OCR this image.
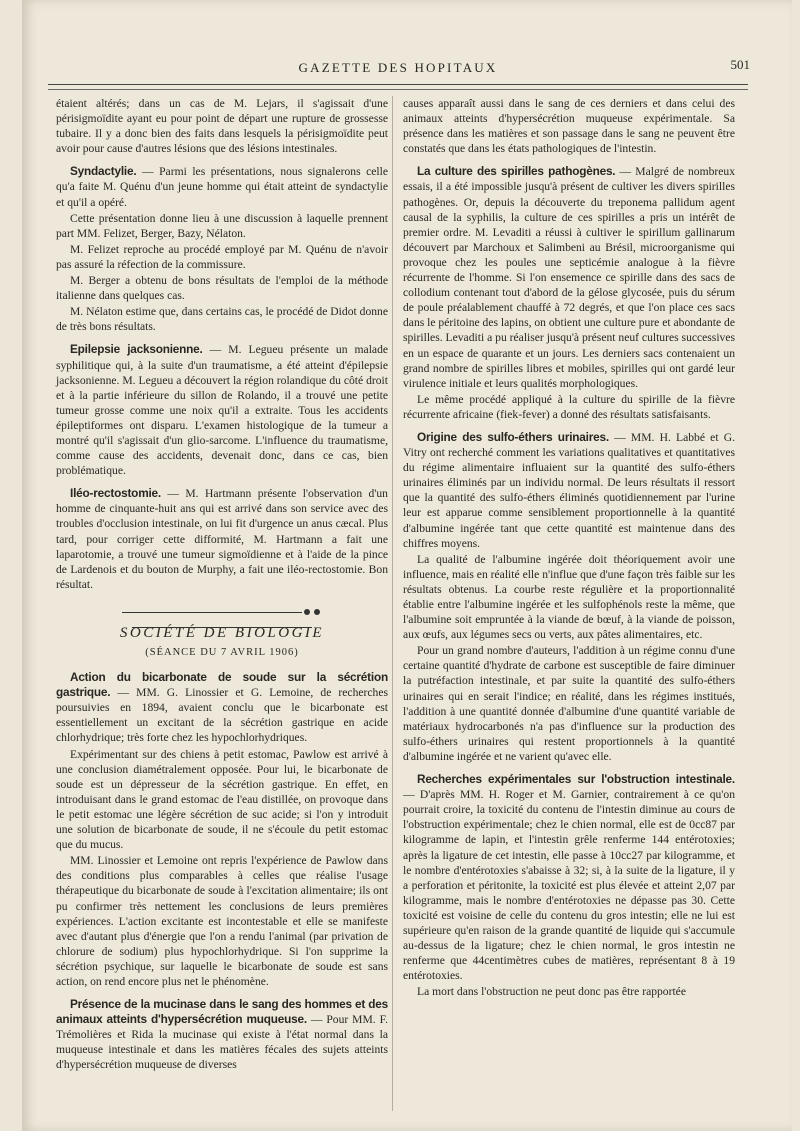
GAZETTE DES HOPITAUX	501

étaient altérés; dans un cas de M. Lejars, il s'agissait d'une périsigmoïdite ayant eu pour point de départ une rupture de grossesse tubaire. Il y a donc bien des faits dans lesquels la périsigmoïdite peut avoir pour cause d'autres lésions que des lésions intestinales.

Syndactylie. — Parmi les présentations, nous signalerons celle qu'a faite M. Quénu d'un jeune homme qui était atteint de syndactylie et qu'il a opéré.

Cette présentation donne lieu à une discussion à laquelle prennent part MM. Felizet, Berger, Bazy, Nélaton.

M. Felizet reproche au procédé employé par M. Quénu de n'avoir pas assuré la réfection de la commissure.

M. Berger a obtenu de bons résultats de l'emploi de la méthode italienne dans quelques cas.

M. Nélaton estime que, dans certains cas, le procédé de Didot donne de très bons résultats.

Epilepsie jacksonienne. — M. Legueu présente un malade syphilitique qui, à la suite d'un traumatisme, a été atteint d'épilepsie jacksonienne. M. Legueu a découvert la région rolandique du côté droit et à la partie inférieure du sillon de Rolando, il a trouvé une petite tumeur grosse comme une noix qu'il a extraite. Tous les accidents épileptiformes ont disparu. L'examen histologique de la tumeur a montré qu'il s'agissait d'un glio-sarcome. L'influence du traumatisme, comme cause des accidents, devenait donc, dans ce cas, bien problématique.

Iléo-rectostomie. — M. Hartmann présente l'observation d'un homme de cinquante-huit ans qui est arrivé dans son service avec des troubles d'occlusion intestinale, on lui fit d'urgence un anus cæcal. Plus tard, pour corriger cette difformité, M. Hartmann a fait une laparotomie, a trouvé une tumeur sigmoïdienne et à l'aide de la pince de Lardenois et du bouton de Murphy, a fait une iléo-rectostomie. Bon résultat.

SOCIÉTÉ DE BIOLOGIE

(SÉANCE DU 7 AVRIL 1906)

Action du bicarbonate de soude sur la sécrétion gastrique. — MM. G. Linossier et G. Lemoine, de recherches poursuivies en 1894, avaient conclu que le bicarbonate est essentiellement un excitant de la sécrétion gastrique en acide chlorhydrique; très forte chez les hypochlorhydriques.

Expérimentant sur des chiens à petit estomac, Pawlow est arrivé à une conclusion diamétralement opposée. Pour lui, le bicarbonate de soude est un dépresseur de la sécrétion gastrique. En effet, en introduisant dans le grand estomac de l'eau distillée, on provoque dans le petit estomac une légère sécrétion de suc acide; si l'on y introduit une solution de bicarbonate de soude, il ne s'écoule du petit estomac que du mucus.

MM. Linossier et Lemoine ont repris l'expérience de Pawlow dans des conditions plus comparables à celles que réalise l'usage thérapeutique du bicarbonate de soude à l'excitation alimentaire; ils ont pu confirmer très nettement les conclusions de leurs premières expériences. L'action excitante est incontestable et elle se manifeste avec d'autant plus d'énergie que l'on a rendu l'animal (par privation de chlorure de sodium) plus hypochlorhydrique. Si l'on supprime la sécrétion psychique, sur laquelle le bicarbonate de soude est sans action, on rend encore plus net le phénomène.

Présence de la mucinase dans le sang des hommes et des animaux atteints d'hypersécrétion muqueuse. — Pour MM. F. Trémolières et Rida la mucinase qui existe à l'état normal dans la muqueuse intestinale et dans les matières fécales des sujets atteints d'hypersécrétion muqueuse de diverses

causes apparaît aussi dans le sang de ces derniers et dans celui des animaux atteints d'hypersécrétion muqueuse expérimentale. Sa présence dans les matières et son passage dans le sang ne peuvent être constatés que dans les états pathologiques de l'intestin.

La culture des spirilles pathogènes. — Malgré de nombreux essais, il a été impossible jusqu'à présent de cultiver les divers spirilles pathogènes. Or, depuis la découverte du treponema pallidum agent causal de la syphilis, la culture de ces spirilles a pris un intérêt de premier ordre. M. Levaditi a réussi à cultiver le spirillum gallinarum découvert par Marchoux et Salimbeni au Brésil, microorganisme qui provoque chez les poules une septicémie analogue à la fièvre récurrente de l'homme. Si l'on ensemence ce spirille dans des sacs de collodium contenant tout d'abord de la gélose glycosée, puis du sérum de poule préalablement chauffé à 72 degrés, et que l'on place ces sacs dans le péritoine des lapins, on obtient une culture pure et abondante de spirilles. Levaditi a pu réaliser jusqu'à présent neuf cultures successives en un espace de quarante et un jours. Les derniers sacs contenaient un grand nombre de spirilles libres et mobiles, spirilles qui ont gardé leur virulence initiale et leurs qualités morphologiques.

Le même procédé appliqué à la culture du spirille de la fièvre récurrente africaine (fiek-fever) a donné des résultats satisfaisants.

Origine des sulfo-éthers urinaires. — MM. H. Labbé et G. Vitry ont recherché comment les variations qualitatives et quantitatives du régime alimentaire influaient sur la quantité des sulfo-éthers urinaires éliminés par un individu normal. De leurs résultats il ressort que la quantité des sulfo-éthers éliminés quotidiennement par l'urine leur est apparue comme sensiblement proportionnelle à la quantité d'albumine ingérée tant que cette quantité est maintenue dans des chiffres moyens.

La qualité de l'albumine ingérée doit théoriquement avoir une influence, mais en réalité elle n'influe que d'une façon très faible sur les résultats obtenus. La courbe reste régulière et la proportionnalité établie entre l'albumine ingérée et les sulfophénols reste la même, que l'albumine soit empruntée à la viande de bœuf, à la viande de poisson, aux œufs, aux légumes secs ou verts, aux pâtes alimentaires, etc.

Pour un grand nombre d'auteurs, l'addition à un régime connu d'une certaine quantité d'hydrate de carbone est susceptible de faire diminuer la putréfaction intestinale, et par suite la quantité des sulfo-éthers urinaires qui en serait l'indice; en réalité, dans les régimes institués, l'addition à une quantité donnée d'albumine d'une quantité variable de matériaux hydrocarbonés n'a pas d'influence sur la production des sulfo-éthers urinaires qui restent proportionnels à la quantité d'albumine ingérée et ne varient qu'avec elle.

Recherches expérimentales sur l'obstruction intestinale. — D'après MM. H. Roger et M. Garnier, contrairement à ce qu'on pourrait croire, la toxicité du contenu de l'intestin diminue au cours de l'obstruction expérimentale; chez le chien normal, elle est de 0cc87 par kilogramme de lapin, et l'intestin grêle renferme 144 entérotoxies; après la ligature de cet intestin, elle passe à 10cc27 par kilogramme, et le nombre d'entérotoxies s'abaisse à 32; si, à la suite de la ligature, il y a perforation et péritonite, la toxicité est plus élevée et atteint 2,07 par kilogramme, mais le nombre d'entérotoxies ne dépasse pas 30. Cette toxicité est voisine de celle du contenu du gros intestin; elle ne lui est supérieure qu'en raison de la grande quantité de liquide qui s'accumule au-dessus de la ligature; chez le chien normal, le gros intestin ne renferme que 44centimètres cubes de matières, représentant 8 à 19 entérotoxies.

La mort dans l'obstruction ne peut donc pas être rapportée
